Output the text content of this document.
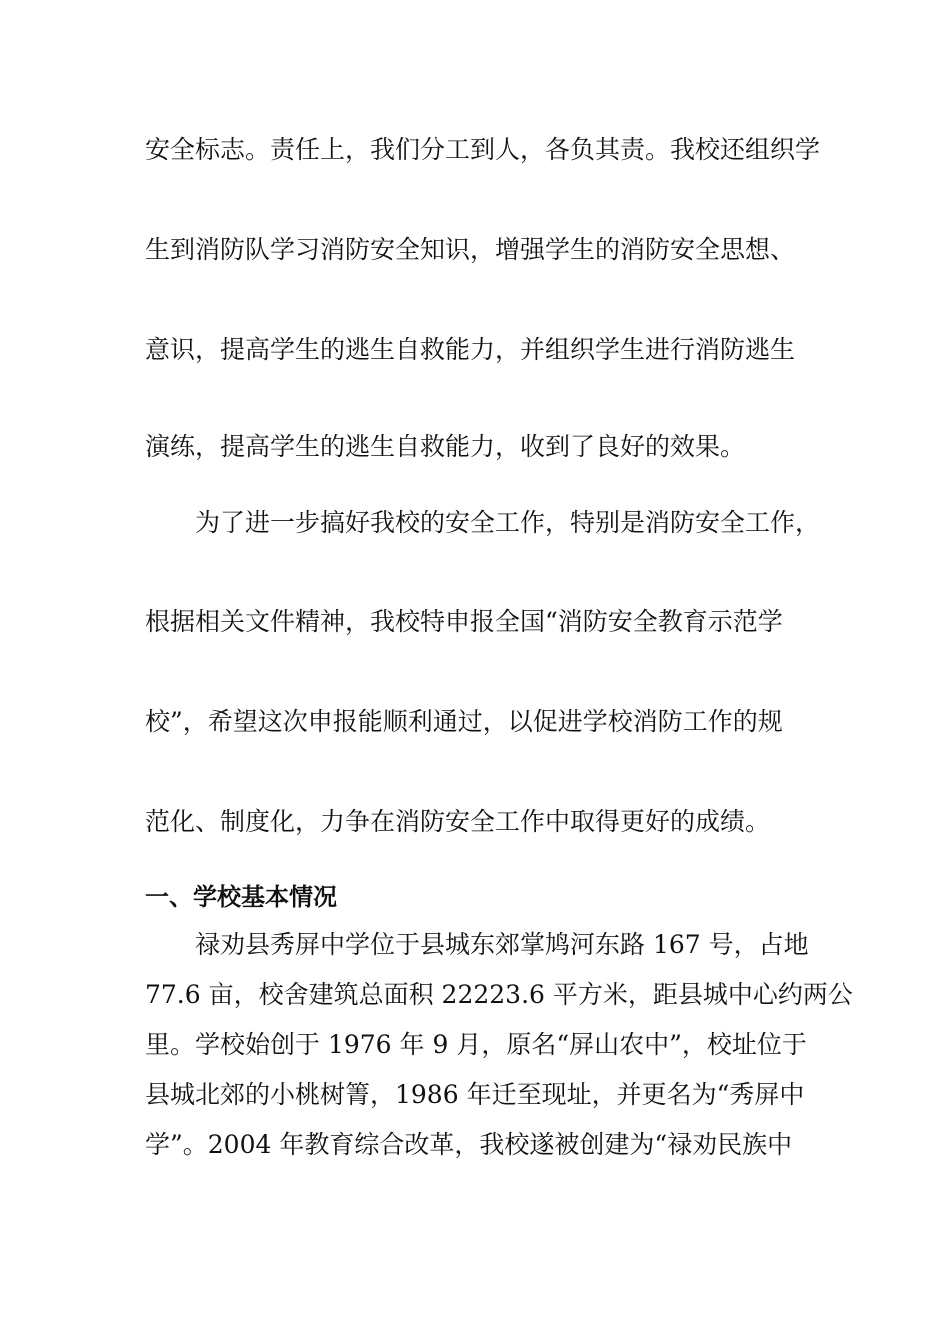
安全标志。责任上，我们分工到人，各负其责。我校还组织学
生到消防队学习消防安全知识，增强学生的消防安全思想、
意识，提高学生的逃生自救能力，并组织学生进行消防逃生
演练，提高学生的逃生自救能力，收到了良好的效果。
为了进一步搞好我校的安全工作，特别是消防安全工作，
根据相关文件精神，我校特申报全国“消防安全教育示范学
校”，希望这次申报能顺利通过，以促进学校消防工作的规
范化、制度化，力争在消防安全工作中取得更好的成绩。
一、学校基本情况
禄劝县秀屏中学位于县城东郊掌鸠河东路 167 号，占地
77.6 亩，校舍建筑总面积 22223.6 平方米，距县城中心约两公
里。学校始创于 1976 年 9 月，原名“屏山农中”，校址位于
县城北郊的小桃树箐，1986 年迁至现址，并更名为“秀屏中
学”。2004 年教育综合改革，我校遂被创建为“禄劝民族中
